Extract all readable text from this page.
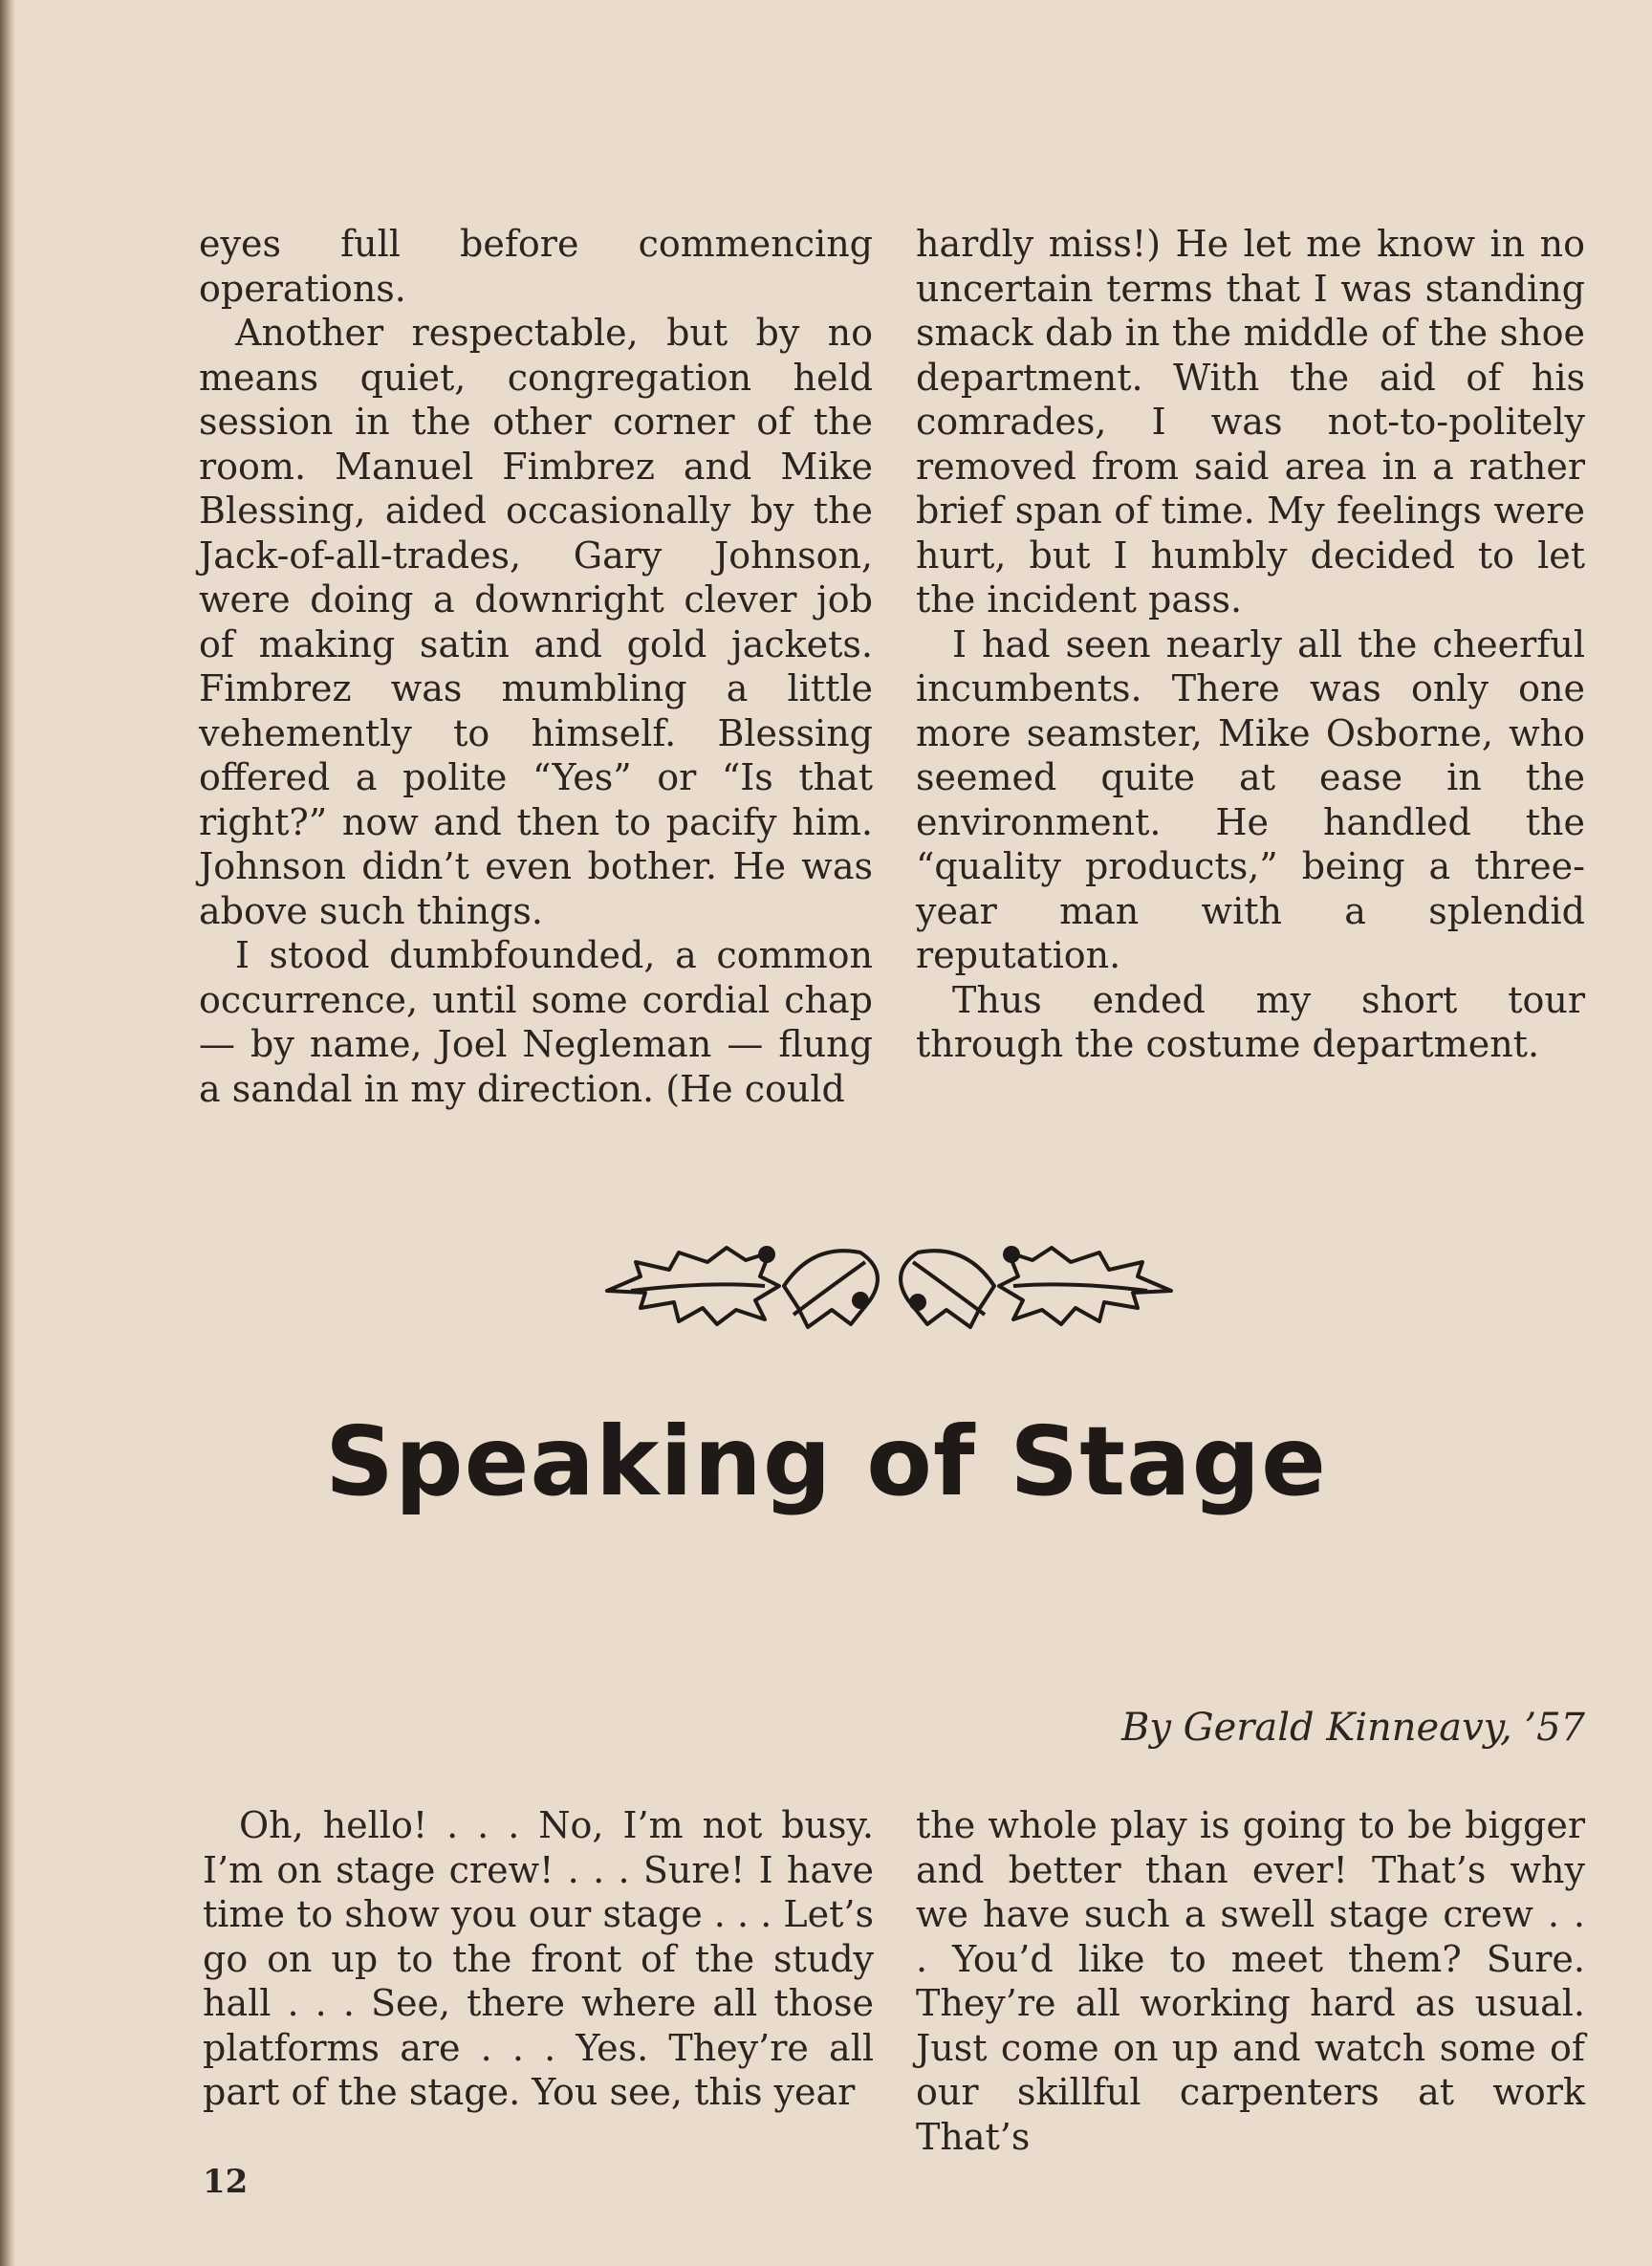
eyes full before commencing operations.

Another respectable, but by no means quiet, congregation held session in the other corner of the room. Manuel Fimbrez and Mike Blessing, aided occasionally by the Jack-of-all-trades, Gary Johnson, were doing a downright clever job of making satin and gold jackets. Fimbrez was mumbling a little vehemently to himself. Blessing offered a polite “Yes” or “Is that right?” now and then to pacify him. Johnson didn’t even bother. He was above such things.

I stood dumbfounded, a common occurrence, until some cordial chap — by name, Joel Negleman — flung a sandal in my direction. (He could

hardly miss!) He let me know in no uncertain terms that I was standing smack dab in the middle of the shoe department. With the aid of his comrades, I was not-to-politely removed from said area in a rather brief span of time. My feelings were hurt, but I humbly decided to let the incident pass.

I had seen nearly all the cheerful incumbents. There was only one more seamster, Mike Osborne, who seemed quite at ease in the environment. He handled the “quality products,” being a three-year man with a splendid reputation.

Thus ended my short tour through the costume department.

Speaking of Stage

By Gerald Kinneavy, ’57

Oh, hello! . . . No, I’m not busy. I’m on stage crew! . . . Sure! I have time to show you our stage . . . Let’s go on up to the front of the study hall . . . See, there where all those platforms are . . . Yes. They’re all part of the stage. You see, this year

the whole play is going to be bigger and better than ever! That’s why we have such a swell stage crew . . . You’d like to meet them? Sure. They’re all working hard as usual. Just come on up and watch some of our skillful carpenters at work That’s

12
